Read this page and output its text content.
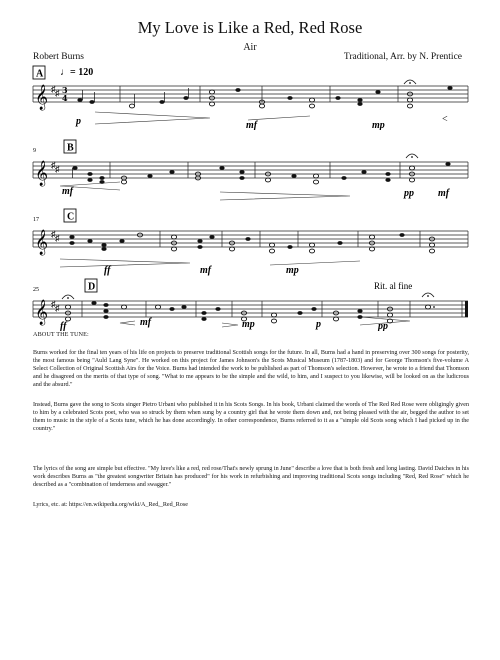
My Love is Like a Red, Red Rose
Air
Robert Burns	Traditional, Arr. by N. Prentice
𝄞 ♯ ♯ 3
4
p	mf	mp
<
A ♩= 120
𝄞 ♯ ♯
mf	pp mf
9	B
𝄞 ♯ ♯
ff	mf	mp
17	C
𝄞 ♯ ♯
ff	mf	mp	p	pp
25	D	Rit. al fine
ABOUT THE TUNE:

Burns worked for the final ten years of his life on projects to preserve traditional Scottish songs for the future. In all, Burns had a hand in preserving over 300 songs for posterity, the most famous being "Auld Lang Syne". He worked on this project for James Johnson's the Scots Musical Museum (1787-1803) and for George Thomson's five-volume A Select Collection of Original Scottish Airs for the Voice. Burns had intended the work to be published as part of Thomson's selection. However, he wrote to a friend that Thomson and he disagreed on the merits of that type of song. "What to me appears to be the simple and the wild, to him, and I suspect to you likewise, will be looked on as the ludicrous and the absurd."

Instead, Burns gave the song to Scots singer Pietro Urbani who published it in his Scots Songs. In his book, Urbani claimed the words of The Red Red Rose were obligingly given to him by a celebrated Scots poet, who was so struck by them when sung by a country girl that he wrote them down and, not being pleased with the air, begged the author to set them to music in the style of a Scots tune, which he has done accordingly. In other correspondence, Burns referred to it as a "simple old Scots song which I had picked up in the country."

The lyrics of the song are simple but effective. "My luve's like a red, red rose/That's newly sprung in June" describe a love that is both fresh and long lasting. David Daiches in his work describes Burns as "the greatest songwriter Britain has produced" for his work in refurbishing and improving traditional Scots songs including "Red, Red Rose" which he described as a "combination of tenderness and swagger."

Lyrics, etc. at: https://en.wikipedia.org/wiki/A_Red,_Red_Rose
